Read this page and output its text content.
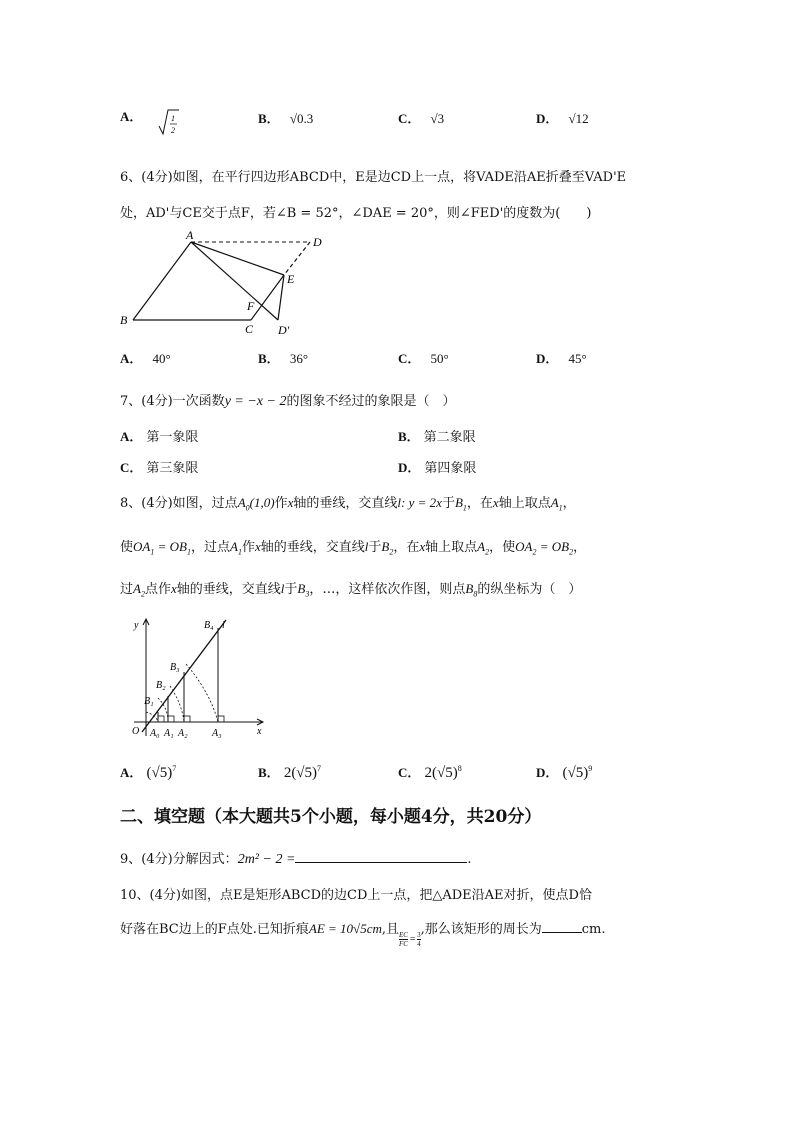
A．	1
2
B． √0.3	C． √3	D． √12
6、(4分)如图，在平行四边形ABCD中，E是边CD上一点，将VADE沿AE折叠至VAD'E
处，AD'与CE交于点F，若∠B = 52°，∠DAE = 20°，则∠FED'的度数为(　　)
A	D
E
F
B
C D′
A． 40°	B． 36°	C． 50°	D． 45°
7、(4分)一次函数y = −x − 2的图象不经过的象限是（　）
A． 第一象限	B． 第二象限
C． 第三象限	D． 第四象限
8、(4分)如图，过点$A_0(1,0)$作x轴的垂线，交直线l: y = 2x于$B_1$，在x轴上取点$A_1$，
使$OA_1 = OB_1$，过点$A_1$作x轴的垂线，交直线l于$B_2$，在x轴上取点$A_2$，使$OA_2 = OB_2$，
过$A_2$点作x轴的垂线，交直线l于$B_3$，…，这样依次作图，则点$B_8$的纵坐标为（　）
y	B₄ l
B₃
B₂
B₁
O A₀ A₁ A₂ A₃	x
A． $(√5)^7$	B． $2(√5)^7$	C． $2(√5)^8$	D． $(√5)^9$
二、填空题（本大题共5个小题，每小题4分，共20分）
9、(4分)分解因式：2m² − 2 =	.
10、(4分)如图，点E是矩形ABCD的边CD上一点，把△ADE沿AE对折，使点D恰
好落在BC边上的F点处.已知折痕AE = 10√5cm,且
$\frac{EC}{FC} = \frac{3}{4}$
,那么该矩形的周长为	cm.
